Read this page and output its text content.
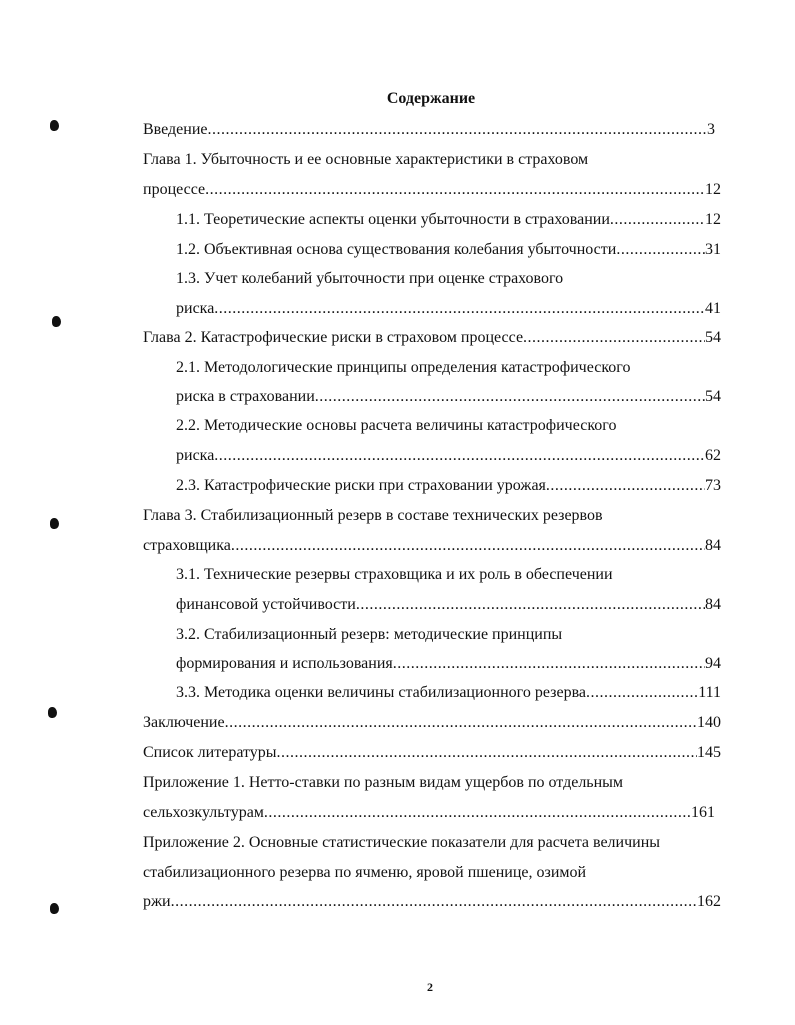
Содержание
Введение .....	3
Глава 1. Убыточность и ее основные характеристики в страховом
процессе .....	12
1.1. Теоретические аспекты оценки убыточности в страховании .....	12
1.2. Объективная основа существования колебания убыточности .....	31
1.3. Учет колебаний убыточности при оценке страхового
риска .....	41
Глава 2. Катастрофические риски в страховом процессе .....	54
2.1. Методологические принципы определения катастрофического
риска в страховании .....	54
2.2. Методические основы расчета величины катастрофического
риска .....	62
2.3. Катастрофические риски при страховании урожая .....	73
Глава 3. Стабилизационный резерв в составе технических резервов
страховщика .....	84
3.1. Технические резервы страховщика и их роль в обеспечении
финансовой устойчивости .....	84
3.2. Стабилизационный резерв: методические принципы
формирования и использования .....	94
3.3. Методика оценки величины стабилизационного резерва .....	111
Заключение .....	140
Список литературы .....	145
Приложение 1. Нетто-ставки по разным видам ущербов по отдельным
сельхозкультурам .....	161
Приложение 2. Основные статистические показатели для расчета величины
стабилизационного резерва по ячменю, яровой пшенице, озимой
ржи .....	162
2
